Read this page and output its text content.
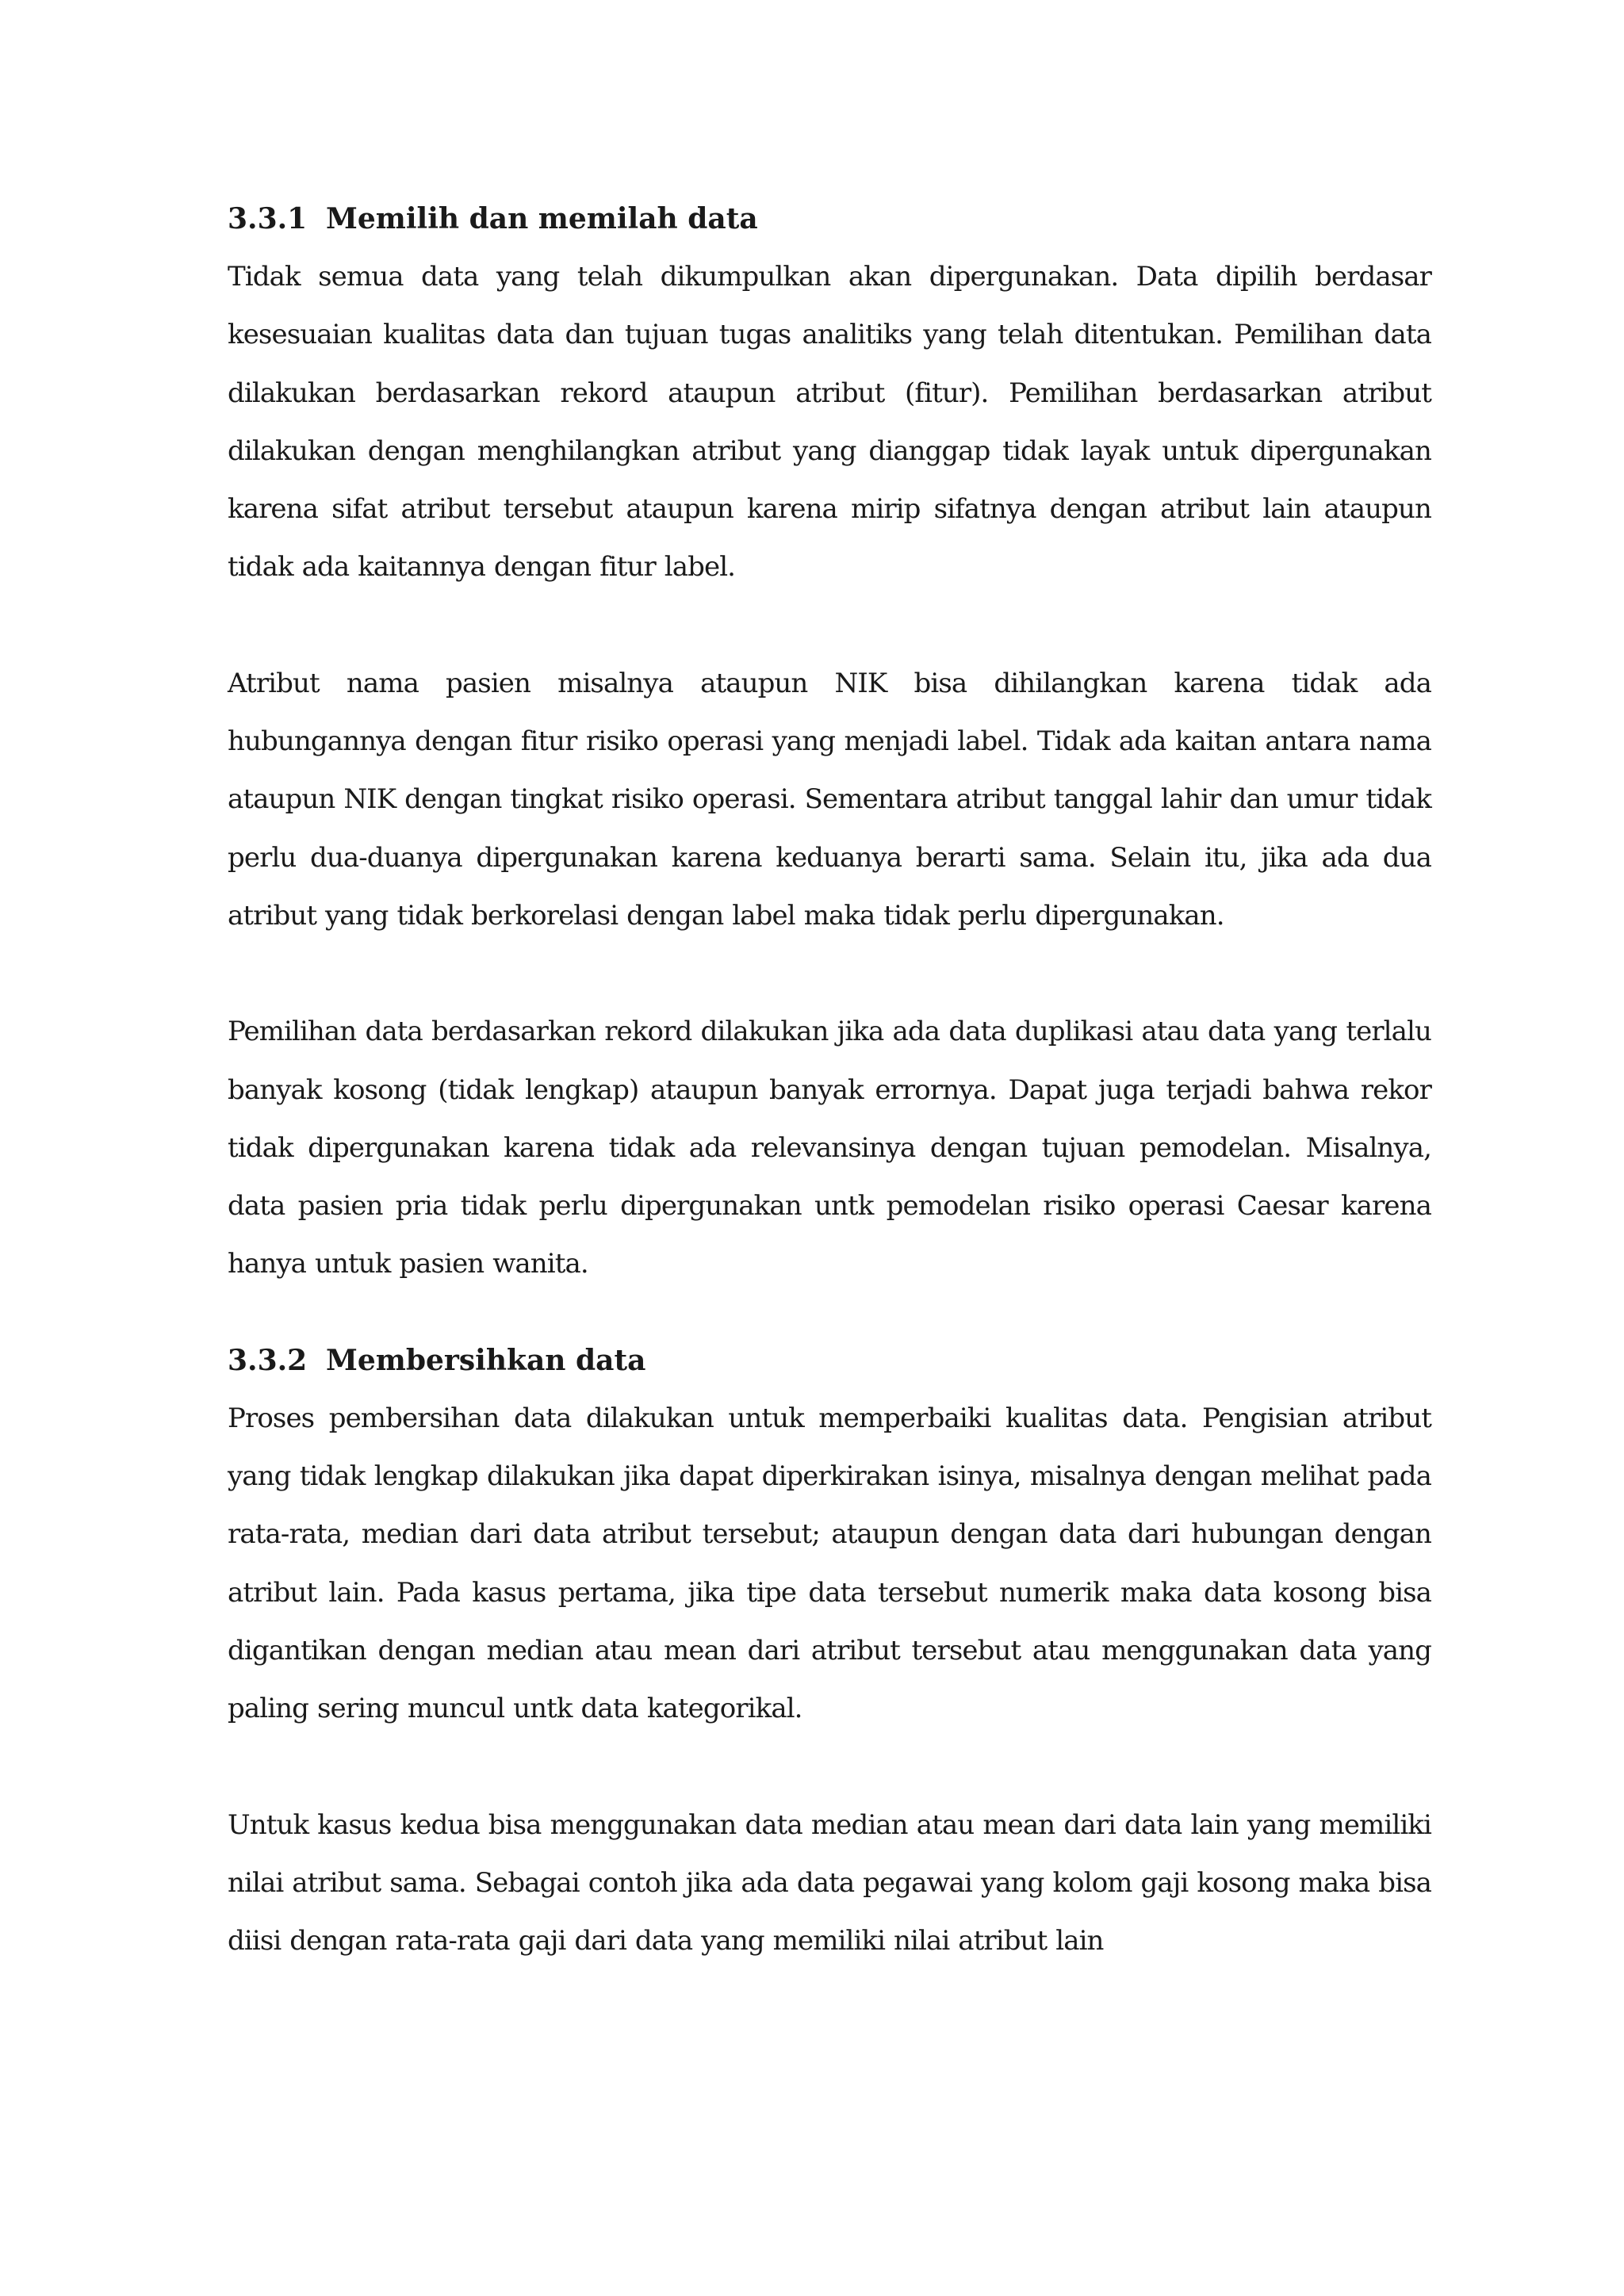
3.3.1 Memilih dan memilah data

Tidak semua data yang telah dikumpulkan akan dipergunakan. Data dipilih berdasar kesesuaian kualitas data dan tujuan tugas analitiks yang telah ditentukan. Pemilihan data dilakukan berdasarkan rekord ataupun atribut (fitur). Pemilihan berdasarkan atribut dilakukan dengan menghilangkan atribut yang dianggap tidak layak untuk dipergunakan karena sifat atribut tersebut ataupun karena mirip sifatnya dengan atribut lain ataupun tidak ada kaitannya dengan fitur label.

Atribut nama pasien misalnya ataupun NIK bisa dihilangkan karena tidak ada hubungannya dengan fitur risiko operasi yang menjadi label. Tidak ada kaitan antara nama ataupun NIK dengan tingkat risiko operasi. Sementara atribut tanggal lahir dan umur tidak perlu dua-duanya dipergunakan karena keduanya berarti sama. Selain itu, jika ada dua atribut yang tidak berkorelasi dengan label maka tidak perlu dipergunakan.

Pemilihan data berdasarkan rekord dilakukan jika ada data duplikasi atau data yang terlalu banyak kosong (tidak lengkap) ataupun banyak errornya. Dapat juga terjadi bahwa rekor tidak dipergunakan karena tidak ada relevansinya dengan tujuan pemodelan. Misalnya, data pasien pria tidak perlu dipergunakan untk pemodelan risiko operasi Caesar karena hanya untuk pasien wanita.

3.3.2 Membersihkan data

Proses pembersihan data dilakukan untuk memperbaiki kualitas data. Pengisian atribut yang tidak lengkap dilakukan jika dapat diperkirakan isinya, misalnya dengan melihat pada rata-rata, median dari data atribut tersebut; ataupun dengan data dari hubungan dengan atribut lain. Pada kasus pertama, jika tipe data tersebut numerik maka data kosong bisa digantikan dengan median atau mean dari atribut tersebut atau menggunakan data yang paling sering muncul untk data kategorikal.

Untuk kasus kedua bisa menggunakan data median atau mean dari data lain yang memiliki nilai atribut sama. Sebagai contoh jika ada data pegawai yang kolom gaji kosong maka bisa diisi dengan rata-rata gaji dari data yang memiliki nilai atribut lain
